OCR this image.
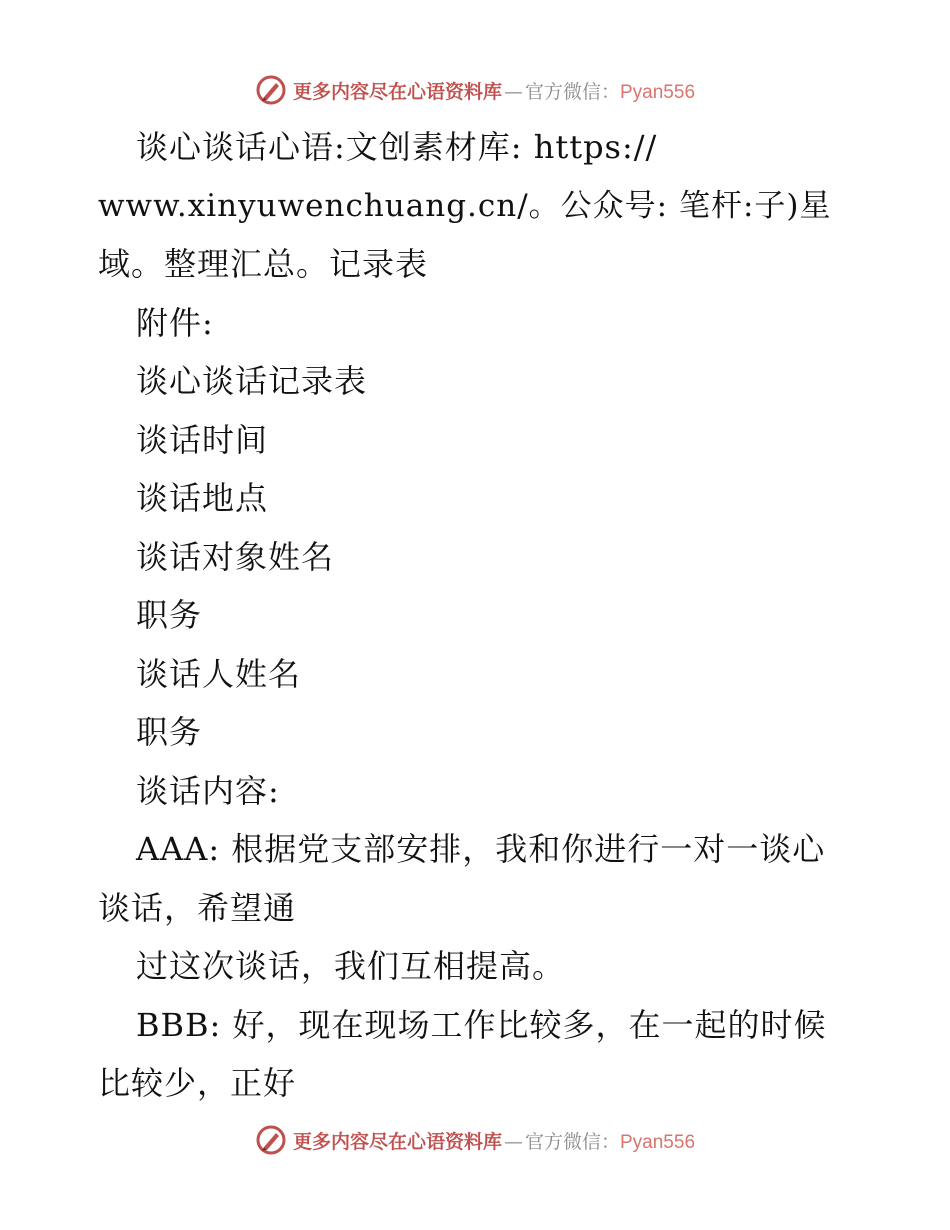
更多内容尽在心语资料库 — 官方微信：Pyan556
谈心谈话心语:文创素材库: https://
www.xinyuwenchuang.cn/。公众号: 笔杆:子)星
域。整理汇总。记录表
附件:
谈心谈话记录表
谈话时间
谈话地点
谈话对象姓名
职务
谈话人姓名
职务
谈话内容:
AAA: 根据党支部安排，我和你进行一对一谈心
谈话，希望通
过这次谈话，我们互相提高。
BBB: 好，现在现场工作比较多，在一起的时候
比较少，正好
更多内容尽在心语资料库 — 官方微信：Pyan556
